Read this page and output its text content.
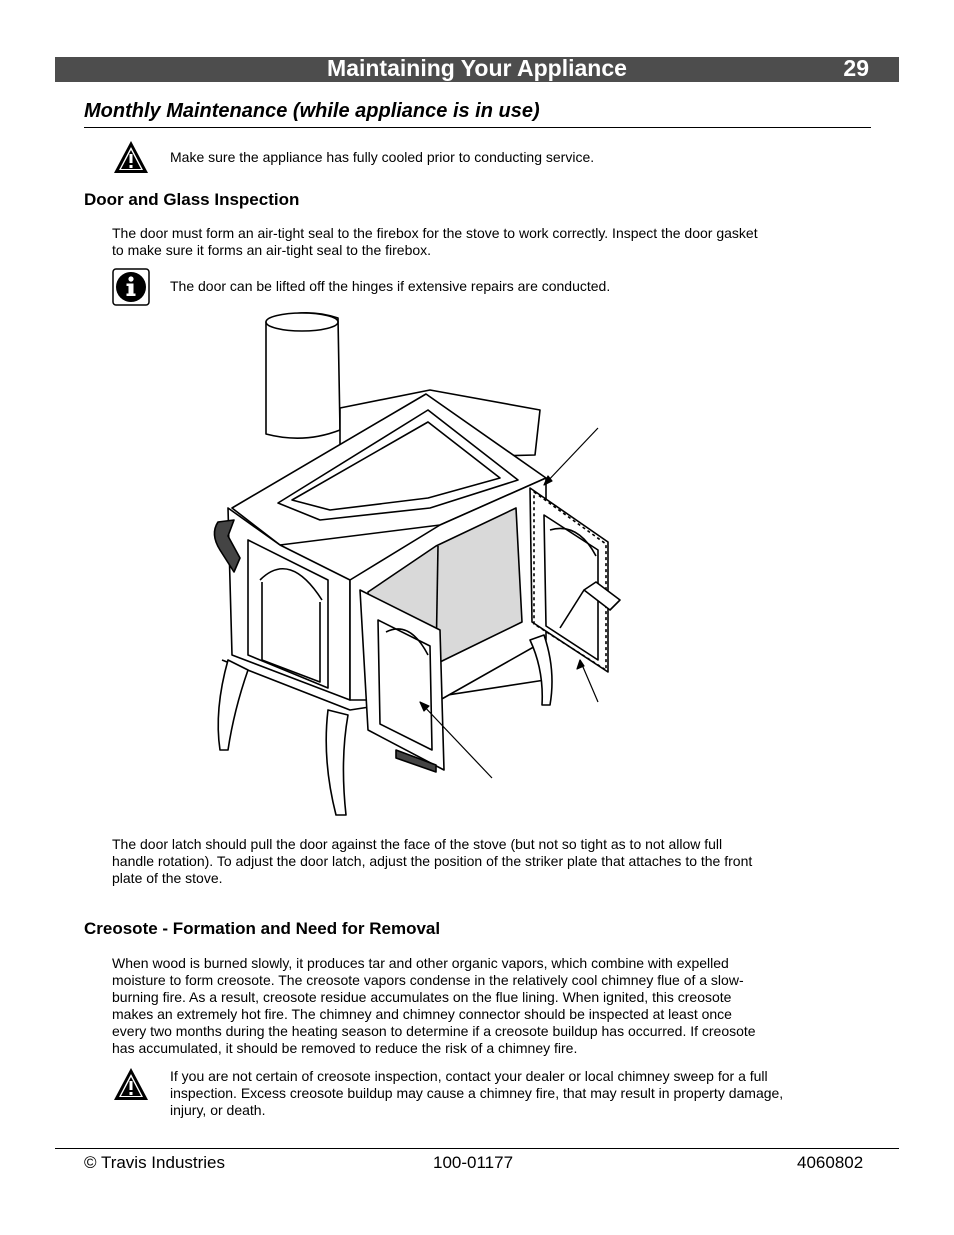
Maintaining Your Appliance	29
Monthly Maintenance (while appliance is in use)
Make sure the appliance has fully cooled prior to conducting service.
Door and Glass Inspection
The door must form an air-tight seal to the firebox for the stove to work correctly. Inspect the door gasket
to make sure it forms an air-tight seal to the firebox.
The door can be lifted off the hinges if extensive repairs are conducted.
The door latch should pull the door against the face of the stove (but not so tight as to not allow full
handle rotation). To adjust the door latch, adjust the position of the striker plate that attaches to the front
plate of the stove.
Creosote - Formation and Need for Removal
When wood is burned slowly, it produces tar and other organic vapors, which combine with expelled
moisture to form creosote. The creosote vapors condense in the relatively cool chimney flue of a slow-
burning fire. As a result, creosote residue accumulates on the flue lining. When ignited, this creosote
makes an extremely hot fire. The chimney and chimney connector should be inspected at least once
every two months during the heating season to determine if a creosote buildup has occurred. If creosote
has accumulated, it should be removed to reduce the risk of a chimney fire.
If you are not certain of creosote inspection, contact your dealer or local chimney sweep for a full
inspection. Excess creosote buildup may cause a chimney fire, that may result in property damage,
injury, or death.
© Travis Industries	100-01177	4060802
